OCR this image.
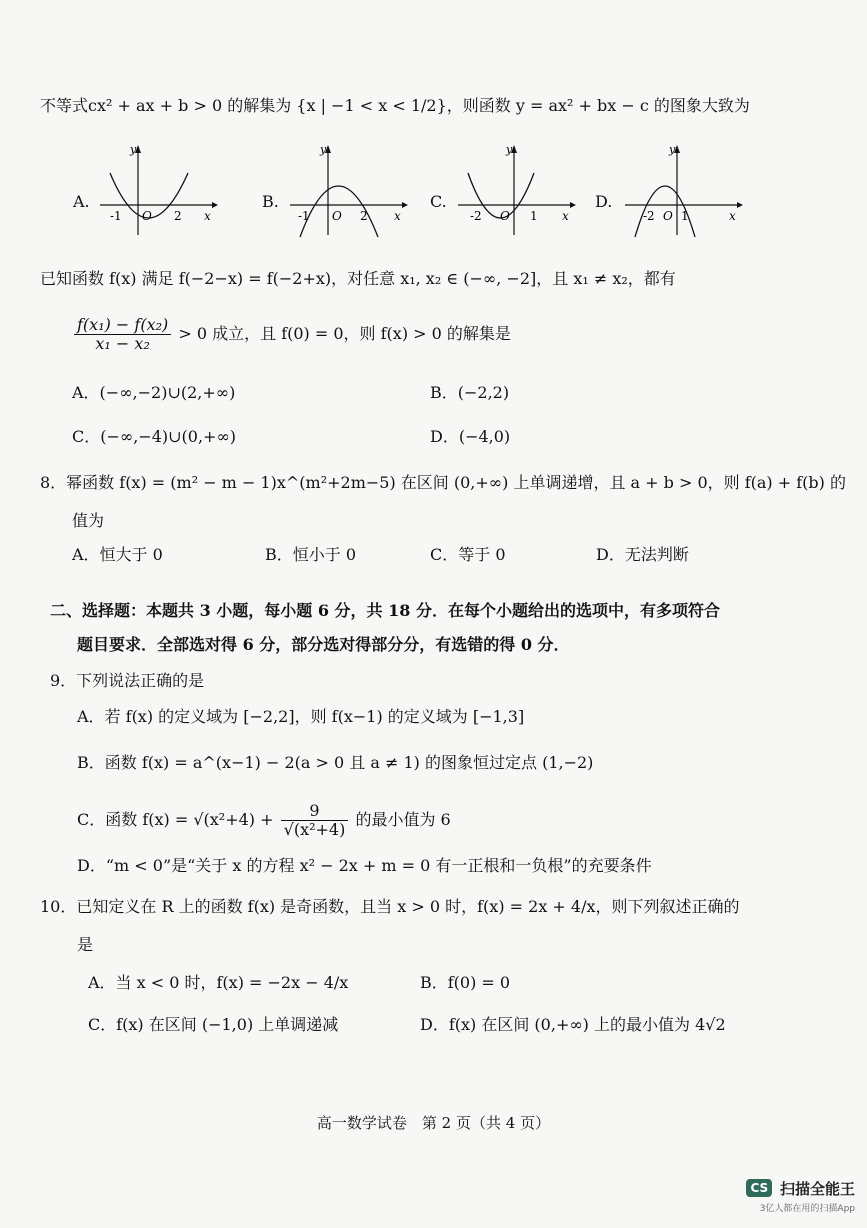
不等式cx² + ax + b > 0 的解集为 {x | −1 < x < 1/2}，则函数 y = ax² + bx − c 的图象大致为
A.	B.	C.	D.
y
-1 O 2 x
y
-1 O 2 x
y
-2 O 1 x
y
-2 O 1	x
已知函数 f(x) 满足 f(−2−x) = f(−2+x)，对任意 x₁, x₂ ∈ (−∞, −2]，且 x₁ ≠ x₂，都有
$\frac{\text{f(x₁) − f(x₂)}}{\text{x₁ − x₂}} > 0$ 成立，且 f(0) = 0，则 f(x) > 0 的解集是
A．(−∞,−2)∪(2,+∞)	B．(−2,2)
C．(−∞,−4)∪(0,+∞)	D．(−4,0)
8．幂函数 f(x) = (m² − m − 1)x^(m²+2m−5) 在区间 (0,+∞) 上单调递增，且 a + b > 0，则 f(a) + f(b) 的
值为
A．恒大于 0	B．恒小于 0	C．等于 0	D．无法判断
二、选择题：本题共 3 小题，每小题 6 分，共 18 分．在每个小题给出的选项中，有多项符合
题目要求．全部选对得 6 分，部分选对得部分分，有选错的得 0 分．
9．下列说法正确的是
A．若 f(x) 的定义域为 [−2,2]，则 f(x−1) 的定义域为 [−1,3]
B．函数 f(x) = a^(x−1) − 2(a > 0 且 a ≠ 1) 的图象恒过定点 (1,−2)
C．函数 $f(x) = √(x^2+4) + \frac{9}{\text{√(x²+4)}}$ 的最小值为 6
D．“m < 0”是“关于 x 的方程 x² − 2x + m = 0 有一正根和一负根”的充要条件
10．已知定义在 R 上的函数 f(x) 是奇函数，且当 x > 0 时，f(x) = 2x + 4/x，则下列叙述正确的
是
A．当 x < 0 时，f(x) = −2x − 4/x	B．f(0) = 0
C．f(x) 在区间 (−1,0) 上单调递减	D．f(x) 在区间 (0,+∞) 上的最小值为 4√2
高一数学试卷　第 2 页（共 4 页）
CS 扫描全能王
3亿人都在用的扫描App
